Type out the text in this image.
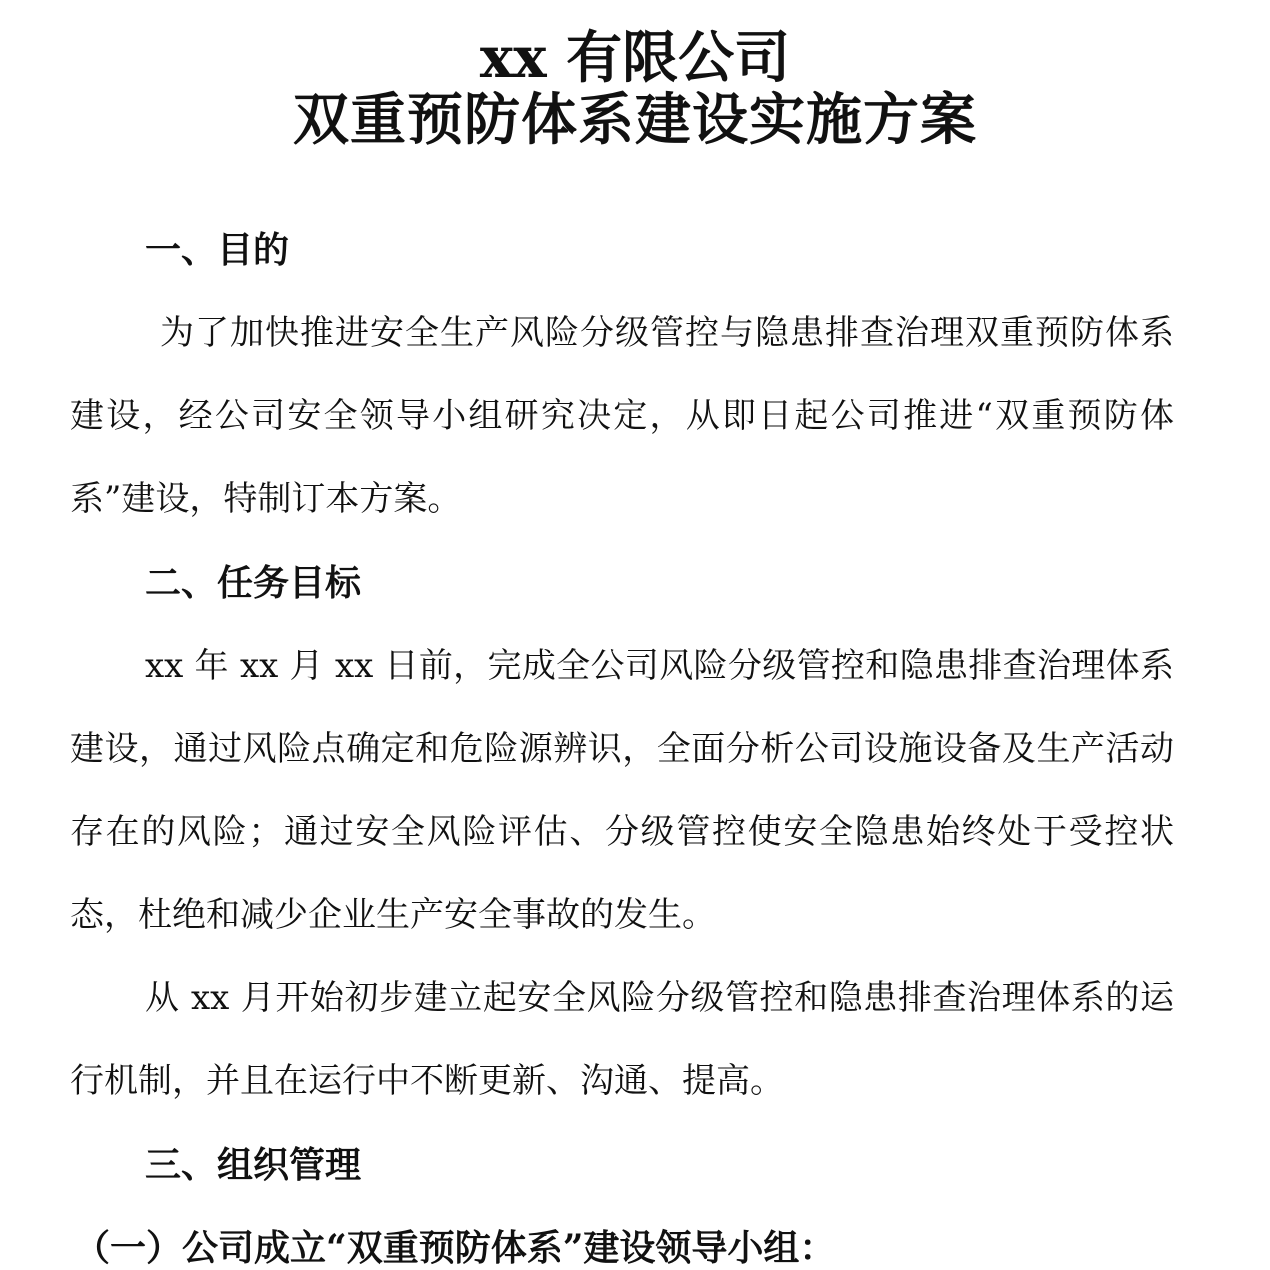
xx 有限公司
双重预防体系建设实施方案
一、目的

为了加快推进安全生产风险分级管控与隐患排查治理双重预防体系建设，经公司安全领导小组研究决定，从即日起公司推进“双重预防体系”建设，特制订本方案。

二、任务目标

xx 年 xx 月 xx 日前，完成全公司风险分级管控和隐患排查治理体系建设，通过风险点确定和危险源辨识，全面分析公司设施设备及生产活动存在的风险；通过安全风险评估、分级管控使安全隐患始终处于受控状态，杜绝和减少企业生产安全事故的发生。

从 xx 月开始初步建立起安全风险分级管控和隐患排查治理体系的运行机制，并且在运行中不断更新、沟通、提高。

三、组织管理
（一）公司成立“双重预防体系”建设领导小组：
